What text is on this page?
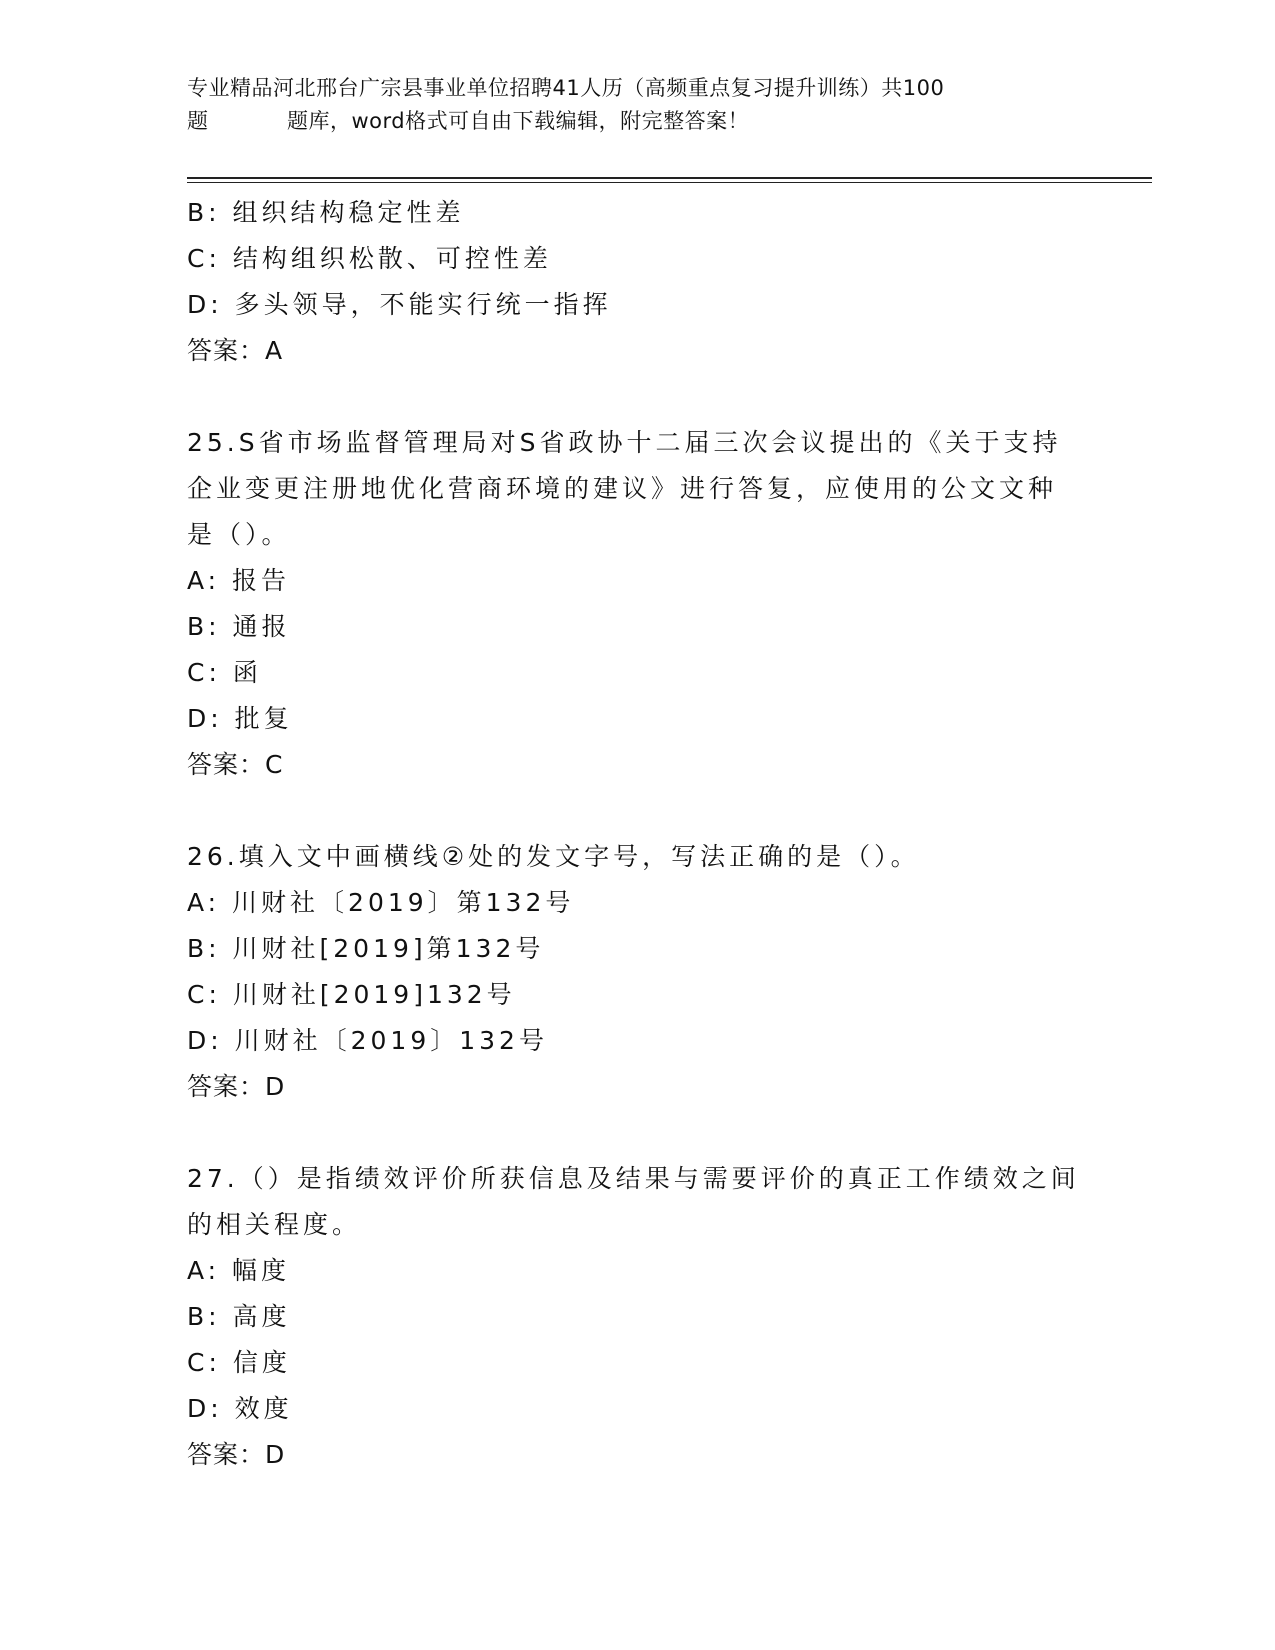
专业精品河北邢台广宗县事业单位招聘41人历（高频重点复习提升训练）共100
题	题库，word格式可自由下载编辑，附完整答案！
B: 组织结构稳定性差
C: 结构组织松散、可控性差
D: 多头领导，不能实行统一指挥
答案：A
25.S省市场监督管理局对S省政协十二届三次会议提出的《关于支持
企业变更注册地优化营商环境的建议》进行答复，应使用的公文文种
是（）。
A: 报告
B: 通报
C: 函
D: 批复
答案：C
26.填入文中画横线②处的发文字号，写法正确的是（）。
A: 川财社〔2019〕第132号
B: 川财社[2019]第132号
C: 川财社[2019]132号
D: 川财社〔2019〕132号
答案：D
27.（）是指绩效评价所获信息及结果与需要评价的真正工作绩效之间
的相关程度。
A: 幅度
B: 高度
C: 信度
D: 效度
答案：D
